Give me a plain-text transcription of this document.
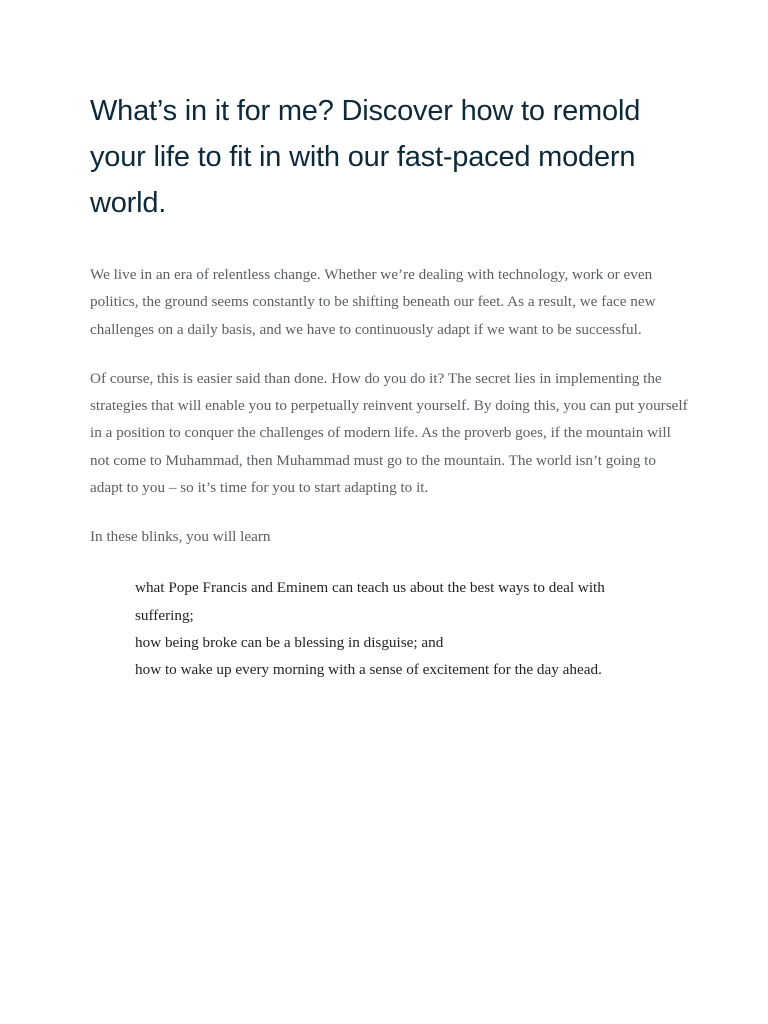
What’s in it for me? Discover how to remold your life to fit in with our fast-paced modern world.

We live in an era of relentless change. Whether we’re dealing with technology, work or even politics, the ground seems constantly to be shifting beneath our feet. As a result, we face new challenges on a daily basis, and we have to continuously adapt if we want to be successful.

Of course, this is easier said than done. How do you do it? The secret lies in implementing the strategies that will enable you to perpetually reinvent yourself. By doing this, you can put yourself in a position to conquer the challenges of modern life. As the proverb goes, if the mountain will not come to Muhammad, then Muhammad must go to the mountain. The world isn’t going to adapt to you – so it’s time for you to start adapting to it.

In these blinks, you will learn

what Pope Francis and Eminem can teach us about the best ways to deal with suffering;
how being broke can be a blessing in disguise; and
how to wake up every morning with a sense of excitement for the day ahead.
